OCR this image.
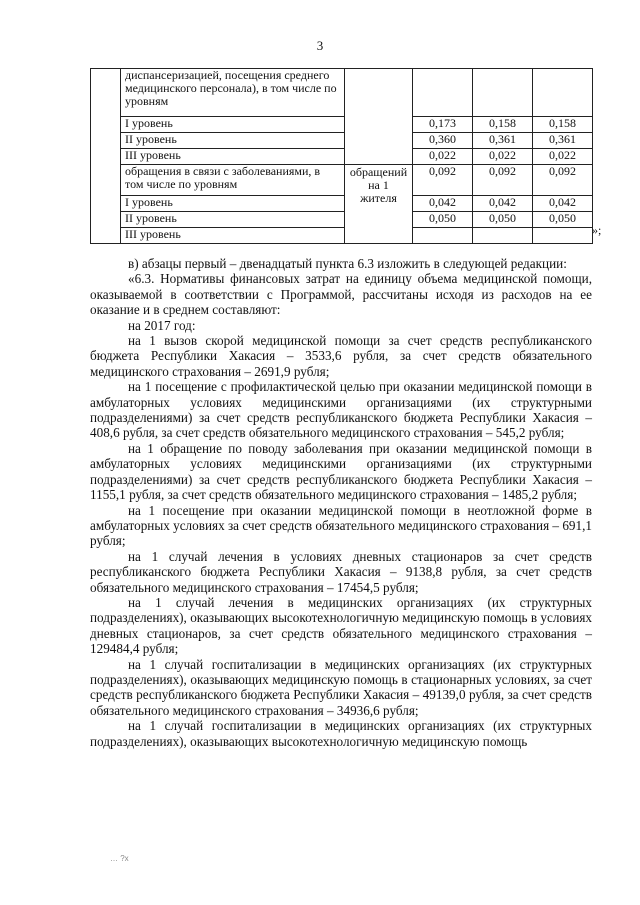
3
	диспансеризацией, посещения среднего медицинского персонала), в том числе по уровням				
	I уровень		0,173	0,158	0,158
	II уровень		0,360	0,361	0,361
	III уровень		0,022	0,022	0,022
	обращения в связи с заболеваниями, в том числе по уровням	обращений на 1 жителя	0,092	0,092	0,092
	I уровень		0,042	0,042	0,042
	II уровень		0,050	0,050	0,050
	III уровень					»;

в) абзацы первый – двенадцатый пункта 6.3 изложить в следующей редакции:

«6.3. Нормативы финансовых затрат на единицу объема медицинской помощи, оказываемой в соответствии с Программой, рассчитаны исходя из расходов на ее оказание и в среднем составляют:

на 2017 год:

на 1 вызов скорой медицинской помощи за счет средств республиканского бюджета Республики Хакасия – 3533,6 рубля, за счет средств обязательного медицинского страхования – 2691,9 рубля;

на 1 посещение с профилактической целью при оказании медицинской помощи в амбулаторных условиях медицинскими организациями (их структурными подразделениями) за счет средств республиканского бюджета Республики Хакасия – 408,6 рубля, за счет средств обязательного медицинского страхования – 545,2 рубля;

на 1 обращение по поводу заболевания при оказании медицинской помощи в амбулаторных условиях медицинскими организациями (их структурными подразделениями) за счет средств республиканского бюджета Республики Хакасия – 1155,1 рубля, за счет средств обязательного медицинского страхования – 1485,2 рубля;

на 1 посещение при оказании медицинской помощи в неотложной форме в амбулаторных условиях за счет средств обязательного медицинского страхования – 691,1 рубля;

на 1 случай лечения в условиях дневных стационаров за счет средств республиканского бюджета Республики Хакасия – 9138,8 рубля, за счет средств обязательного медицинского страхования – 17454,5 рубля;

на 1 случай лечения в медицинских организациях (их структурных подразделениях), оказывающих высокотехнологичную медицинскую помощь в условиях дневных стационаров, за счет средств обязательного медицинского страхования – 129484,4 рубля;

на 1 случай госпитализации в медицинских организациях (их структурных подразделениях), оказывающих медицинскую помощь в стационарных условиях, за счет средств республиканского бюджета Республики Хакасия – 49139,0 рубля, за счет средств обязательного медицинского страхования – 34936,6 рубля;

на 1 случай госпитализации в медицинских организациях (их структурных подразделениях), оказывающих высокотехнологичную медицинскую помощь

… ?х
